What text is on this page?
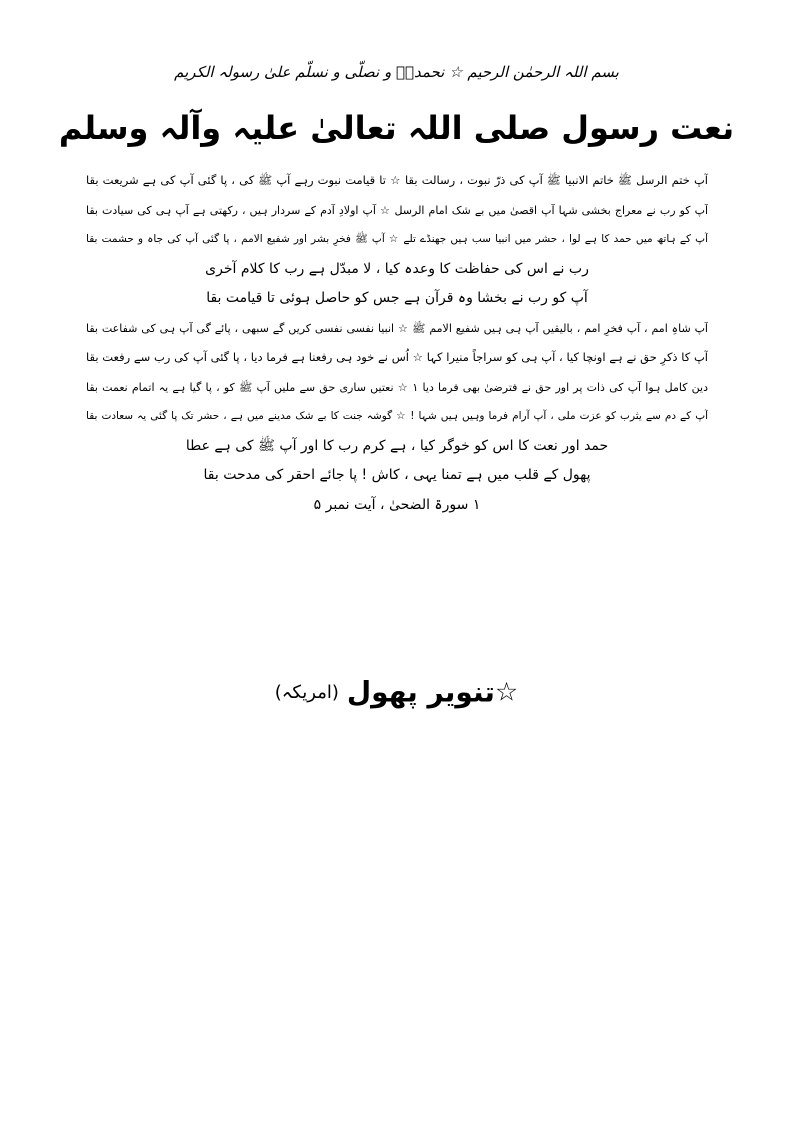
بسم اللہ الرحمٰن الرحیم ☆ نحمدہٗ و نصلّی و نسلّم علیٰ رسولہ الکریم
نعت رسول صلی اللہ تعالیٰ علیہ وآلہ وسلم
آپ ختم الرسل ﷺ خاتم الانبیا ﷺ آپ کی ذرّ نبوت ، رسالت بقا ☆ تا قیامت نبوت رہے آپ ﷺ کی ، پا گئی آپ کی ہے شریعت بقا
آپ کو رب نے معراج بخشی شہا آپ اقصیٰ میں بے شک امام الرسل ☆ آپ اولادِ آدم کے سردار ہیں ، رکھتی ہے آپ ہی کی سیادت بقا
آپ کے ہاتھ میں حمد کا ہے لوا ، حشر میں انبیا سب ہیں جھنڈے تلے ☆ آپ ﷺ فخرِ بشر اور شفیع الامم ، پا گئی آپ کی جاہ و حشمت بقا
رب نے اس کی حفاظت کا وعدہ کیا ، لا مبدّل ہے رب کا کلام آخری
آپ کو رب نے بخشا وہ قرآن ہے جس کو حاصل ہوئی تا قیامت بقا
آپ شاہِ امم ، آپ فخرِ امم ، بالیقیں آپ ہی ہیں شفیع الامم ﷺ ☆ انبیا نفسی نفسی کریں گے سبھی ، پائے گی آپ ہی کی شفاعت بقا
آپ کا ذکرِ حق نے ہے اونچا کیا ، آپ ہی کو سراجاً منیرا کہا ☆ اُس نے خود ہی رفعنا ہے فرما دیا ، پا گئی آپ کی رب سے رفعت بقا
دین کامل ہوا آپ کی ذات پر اور حق نے فترضیٰ بھی فرما دیا ۱ ☆ نعتیں ساری حق سے ملیں آپ ﷺ کو ، پا گیا ہے یہ اتمام نعمت بقا
آپ کے دم سے یثرب کو عزت ملی ، آپ آرام فرما وہیں ہیں شہا ! ☆ گوشہ جنت کا بے شک مدینے میں ہے ، حشر تک پا گئی یہ سعادت بقا
حمد اور نعت کا اس کو خوگر کیا ، ہے کرم رب کا اور آپ ﷺ کی ہے عطا
پھول کے قلب میں ہے تمنا یہی ، کاش ! پا جائے احقر کی مدحت بقا
۱ سورۃ الضحیٰ ، آیت نمبر ۵
☆تنویر پھول(امریکہ)
